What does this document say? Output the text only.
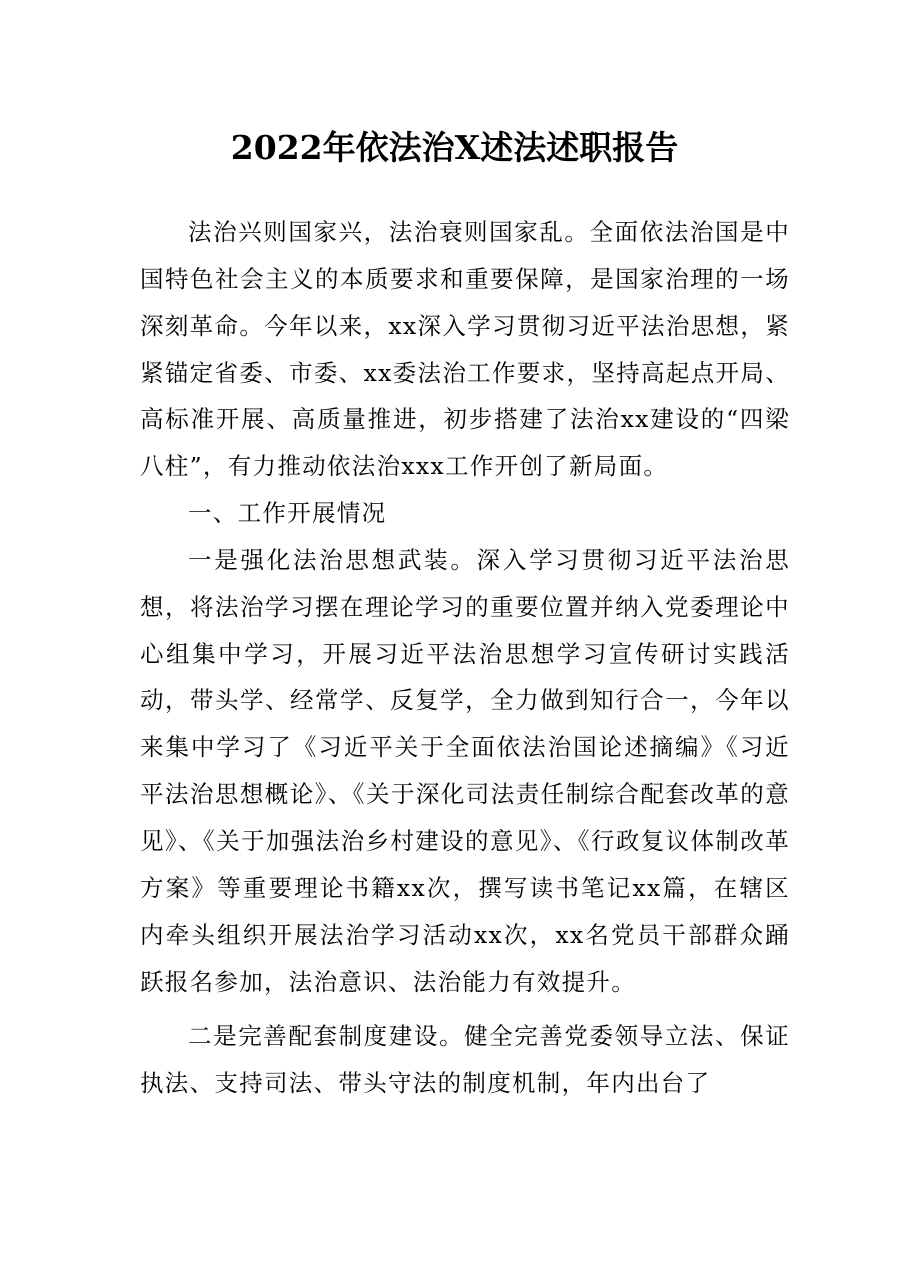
2022年依法治X述法述职报告

法治兴则国家兴，法治衰则国家乱。全面依法治国是中国特色社会主义的本质要求和重要保障，是国家治理的一场深刻革命。今年以来，xx深入学习贯彻习近平法治思想，紧紧锚定省委、市委、xx委法治工作要求，坚持高起点开局、高标准开展、高质量推进，初步搭建了法治xx建设的“四梁八柱”，有力推动依法治xxx工作开创了新局面。

一、工作开展情况

一是强化法治思想武装。深入学习贯彻习近平法治思想，将法治学习摆在理论学习的重要位置并纳入党委理论中心组集中学习，开展习近平法治思想学习宣传研讨实践活动，带头学、经常学、反复学，全力做到知行合一，今年以来集中学习了《习近平关于全面依法治国论述摘编》《习近平法治思想概论》、《关于深化司法责任制综合配套改革的意见》、《关于加强法治乡村建设的意见》、《行政复议体制改革方案》等重要理论书籍xx次，撰写读书笔记xx篇，在辖区内牵头组织开展法治学习活动xx次，xx名党员干部群众踊跃报名参加，法治意识、法治能力有效提升。

二是完善配套制度建设。健全完善党委领导立法、保证执法、支持司法、带头守法的制度机制，年内出台了
